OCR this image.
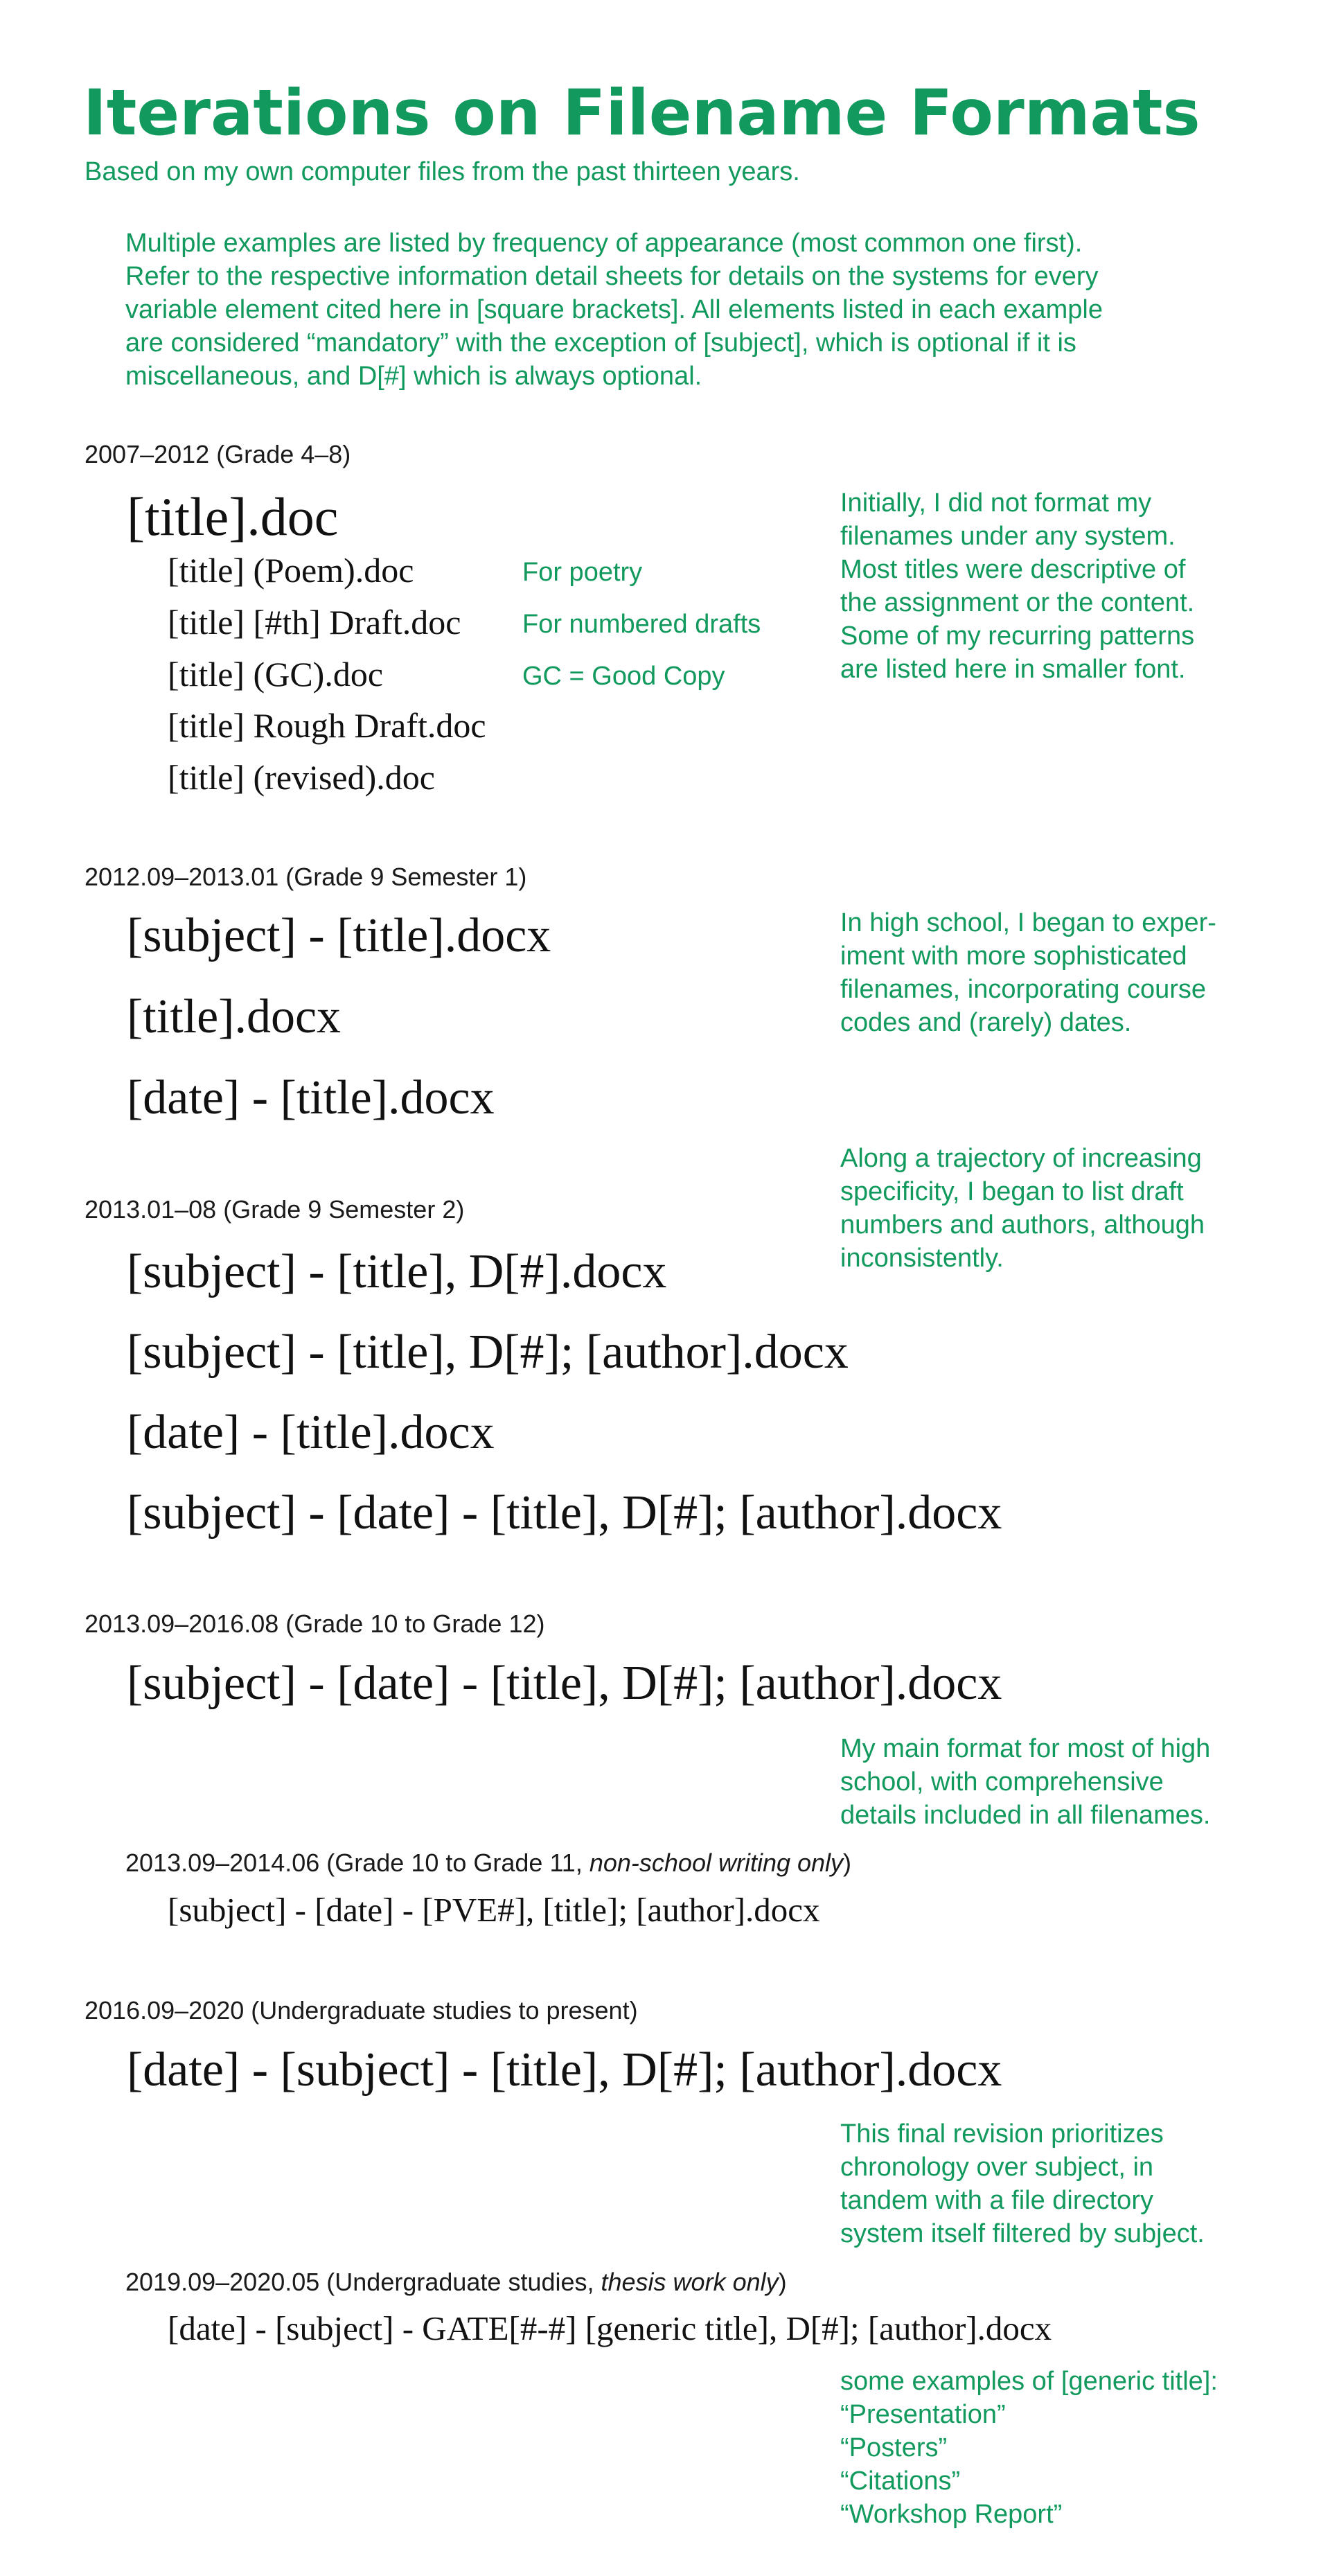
Iterations on Filename Formats
Based on my own computer files from the past thirteen years.
Multiple examples are listed by frequency of appearance (most common one first).
Refer to the respective information detail sheets for details on the systems for every
variable element cited here in [square brackets]. All elements listed in each example
are considered “mandatory” with the exception of [subject], which is optional if it is
miscellaneous, and D[#] which is always optional.
2007–2012 (Grade 4–8)
[title].doc
[title] (Poem).doc
[title] [#th] Draft.doc
[title] (GC).doc
[title] Rough Draft.doc
[title] (revised).doc
For poetry
For numbered drafts
GC = Good Copy
Initially, I did not format my
filenames under any system.
Most titles were descriptive of
the assignment or the content.
Some of my recurring patterns
are listed here in smaller font.
2012.09–2013.01 (Grade 9 Semester 1)
[subject] - [title].docx
[title].docx
[date] - [title].docx
In high school, I began to exper-
iment with more sophisticated
filenames, incorporating course
codes and (rarely) dates.
Along a trajectory of increasing
specificity, I began to list draft
numbers and authors, although
inconsistently.
2013.01–08 (Grade 9 Semester 2)
[subject] - [title], D[#].docx
[subject] - [title], D[#]; [author].docx
[date] - [title].docx
[subject] - [date] - [title], D[#]; [author].docx
2013.09–2016.08 (Grade 10 to Grade 12)
[subject] - [date] - [title], D[#]; [author].docx
My main format for most of high
school, with comprehensive
details included in all filenames.
2013.09–2014.06 (Grade 10 to Grade 11, non-school writing only)
[subject] - [date] - [PVE#], [title]; [author].docx
2016.09–2020 (Undergraduate studies to present)
[date] - [subject] - [title], D[#]; [author].docx
This final revision prioritizes
chronology over subject, in
tandem with a file directory
system itself filtered by subject.
2019.09–2020.05 (Undergraduate studies, thesis work only)
[date] - [subject] - GATE[#-#] [generic title], D[#]; [author].docx
some examples of [generic title]:
“Presentation”
“Posters”
“Citations”
“Workshop Report”
